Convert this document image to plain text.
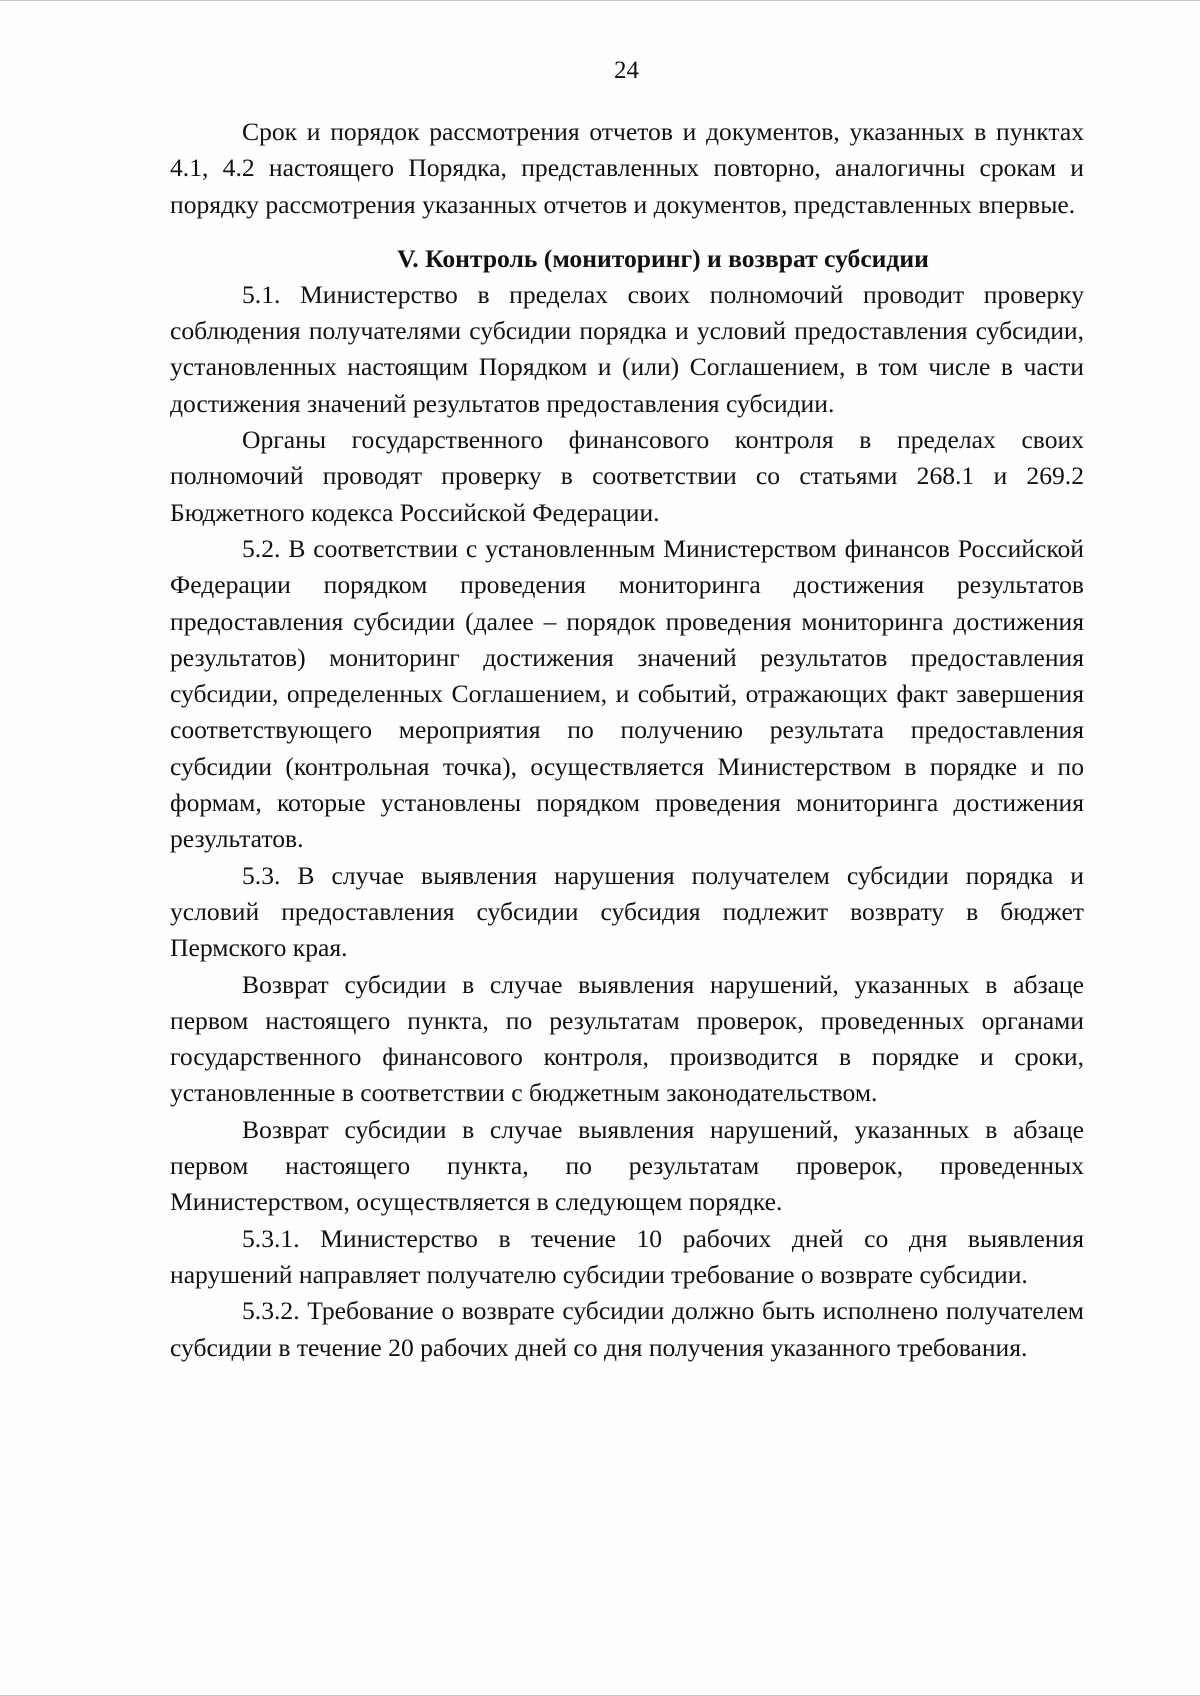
24

Срок и порядок рассмотрения отчетов и документов, указанных в пунктах 4.1, 4.2 настоящего Порядка, представленных повторно, аналогичны срокам и порядку рассмотрения указанных отчетов и документов, представленных впервые.

V. Контроль (мониторинг) и возврат субсидии

5.1. Министерство в пределах своих полномочий проводит проверку соблюдения получателями субсидии порядка и условий предоставления субсидии, установленных настоящим Порядком и (или) Соглашением, в том числе в части достижения значений результатов предоставления субсидии.

Органы государственного финансового контроля в пределах своих полномочий проводят проверку в соответствии со статьями 268.1 и 269.2 Бюджетного кодекса Российской Федерации.

5.2. В соответствии с установленным Министерством финансов Российской Федерации порядком проведения мониторинга достижения результатов предоставления субсидии (далее – порядок проведения мониторинга достижения результатов) мониторинг достижения значений результатов предоставления субсидии, определенных Соглашением, и событий, отражающих факт завершения соответствующего мероприятия по получению результата предоставления субсидии (контрольная точка), осуществляется Министерством в порядке и по формам, которые установлены порядком проведения мониторинга достижения результатов.

5.3. В случае выявления нарушения получателем субсидии порядка и условий предоставления субсидии субсидия подлежит возврату в бюджет Пермского края.

Возврат субсидии в случае выявления нарушений, указанных в абзаце первом настоящего пункта, по результатам проверок, проведенных органами государственного финансового контроля, производится в порядке и сроки, установленные в соответствии с бюджетным законодательством.

Возврат субсидии в случае выявления нарушений, указанных в абзаце первом настоящего пункта, по результатам проверок, проведенных Министерством, осуществляется в следующем порядке.

5.3.1. Министерство в течение 10 рабочих дней со дня выявления нарушений направляет получателю субсидии требование о возврате субсидии.

5.3.2. Требование о возврате субсидии должно быть исполнено получателем субсидии в течение 20 рабочих дней со дня получения указанного требования.
